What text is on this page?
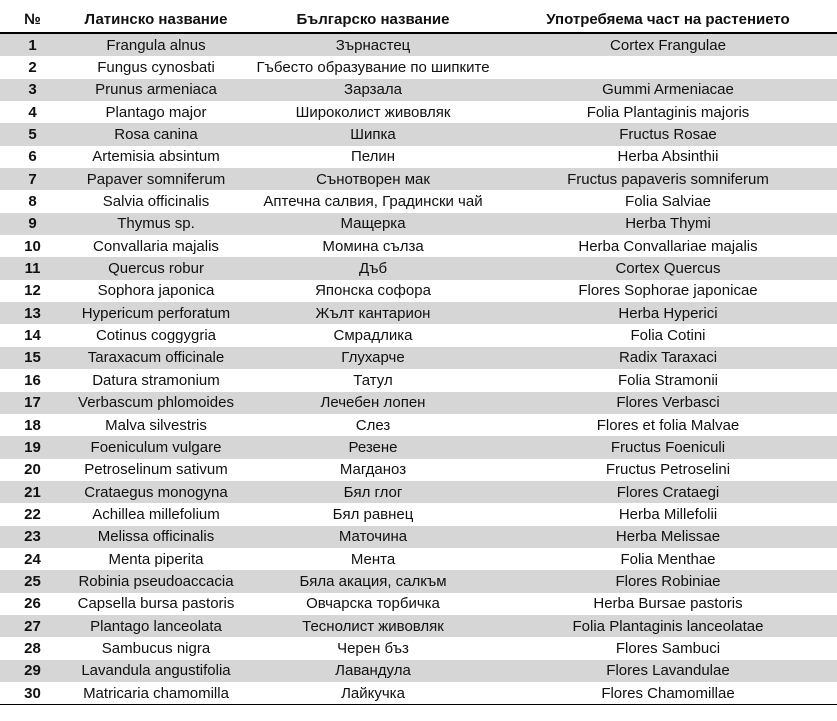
№	Латинско название	Българско название	Употребяема част на растението
1	Frangula alnus	Зърнастец	Cortex Frangulae
2	Fungus cynosbati	Гъбесто образувание по шипките	
3	Prunus armeniaca	Зарзала	Gummi Armeniacae
4	Plantago major	Широколист живовляк	Folia Plantaginis majoris
5	Rosa canina	Шипка	Fructus Rosae
6	Artemisia absintum	Пелин	Herba Absinthii
7	Papaver somniferum	Сънотворен мак	Fructus papaveris somniferum
8	Salvia officinalis	Аптечна салвия, Градински чай	Folia Salviae
9	Thymus sp.	Мащерка	Herba Thymi
10	Convallaria majalis	Момина сълза	Herba Convallariae majalis
11	Quercus robur	Дъб	Cortex Quercus
12	Sophora japonica	Японска софора	Flores Sophorae japonicae
13	Hypericum perforatum	Жълт кантарион	Herba Hyperici
14	Cotinus coggygria	Смрадлика	Folia Cotini
15	Taraxacum officinale	Глухарче	Radix Taraxaci
16	Datura stramonium	Татул	Folia Stramonii
17	Verbascum phlomoides	Лечебен лопен	Flores Verbasci
18	Malva silvestris	Слез	Flores et folia Malvae
19	Foeniculum vulgare	Резене	Fructus Foeniculi
20	Petroselinum sativum	Магданоз	Fructus Petroselini
21	Crataegus monogyna	Бял глог	Flores Crataegi
22	Achillea millefolium	Бял равнец	Herba Millefolii
23	Melissa officinalis	Маточина	Herba Melissae
24	Menta piperita	Мента	Folia Menthae
25	Robinia pseudoaccacia	Бяла акация, салкъм	Flores Robiniae
26	Capsella bursa pastoris	Овчарска торбичка	Herba Bursae pastoris
27	Plantago lanceolata	Теснолист живовляк	Folia Plantaginis lanceolatae
28	Sambucus nigra	Черен бъз	Flores Sambuci
29	Lavandula angustifolia	Лавандула	Flores Lavandulae
30	Matricaria chamomilla	Лайкучка	Flores Chamomillae
